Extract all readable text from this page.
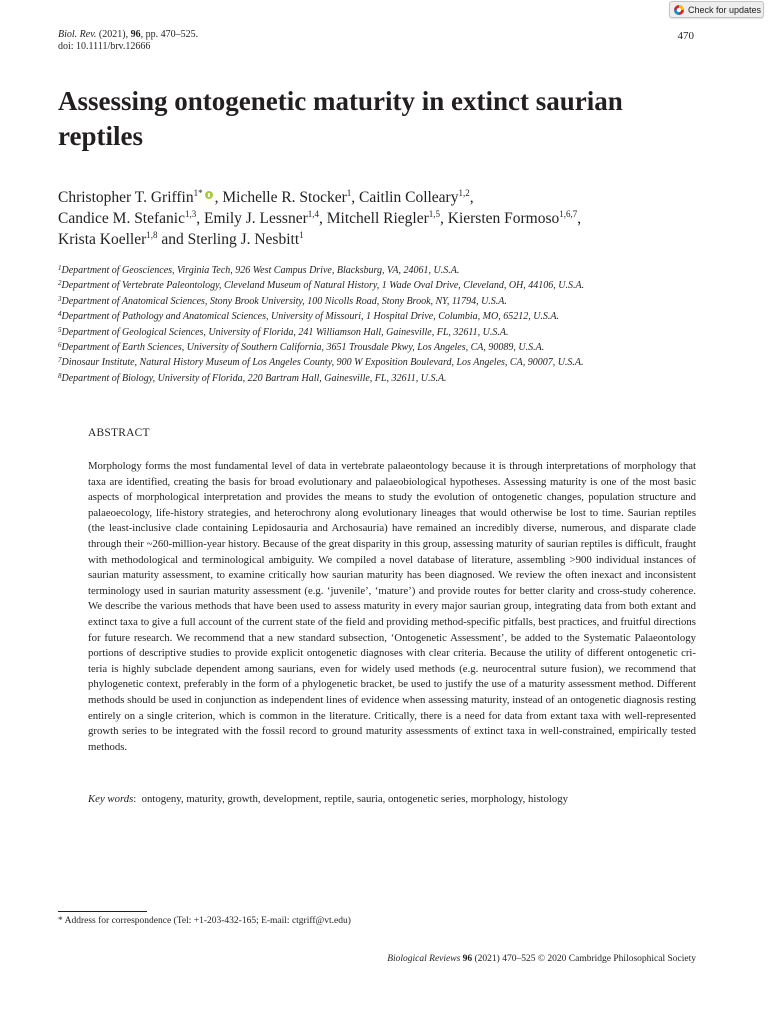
Check for updates
Biol. Rev. (2021), 96, pp. 470–525.
doi: 10.1111/brv.12666
470
Assessing ontogenetic maturity in extinct saurian reptiles
Christopher T. Griffin$^{1*}$ , Michelle R. Stocker$^1$, Caitlin Colleary$^{1,2}$,
Candice M. Stefanic$^{1,3}$, Emily J. Lessner$^{1,4}$, Mitchell Riegler$^{1,5}$, Kiersten Formoso$^{1,6,7}$,
Krista Koeller$^{1,8}$ and Sterling J. Nesbitt$^1$
$^1$Department of Geosciences, Virginia Tech, 926 West Campus Drive, Blacksburg, VA, 24061, U.S.A.
$^2$Department of Vertebrate Paleontology, Cleveland Museum of Natural History, 1 Wade Oval Drive, Cleveland, OH, 44106, U.S.A.
$^3$Department of Anatomical Sciences, Stony Brook University, 100 Nicolls Road, Stony Brook, NY, 11794, U.S.A.
$^4$Department of Pathology and Anatomical Sciences, University of Missouri, 1 Hospital Drive, Columbia, MO, 65212, U.S.A.
$^5$Department of Geological Sciences, University of Florida, 241 Williamson Hall, Gainesville, FL, 32611, U.S.A.
$^6$Department of Earth Sciences, University of Southern California, 3651 Trousdale Pkwy, Los Angeles, CA, 90089, U.S.A.
$^7$Dinosaur Institute, Natural History Museum of Los Angeles County, 900 W Exposition Boulevard, Los Angeles, CA, 90007, U.S.A.
$^8$Department of Biology, University of Florida, 220 Bartram Hall, Gainesville, FL, 32611, U.S.A.
ABSTRACT

Morphology forms the most fundamental level of data in vertebrate palaeontology because it is through interpretations of morphology that taxa are identified, creating the basis for broad evolutionary and palaeobiological hypotheses. Assessing maturity is one of the most basic aspects of morphological interpretation and provides the means to study the evolution of ontogenetic changes, population structure and palaeoecology, life-history strategies, and heterochrony along evolutionary lineages that would otherwise be lost to time. Saurian reptiles (the least-inclusive clade containing Lepidosauria and Archosauria) have remained an incredibly diverse, numerous, and disparate clade through their ~260-million-year history. Because of the great disparity in this group, assessing maturity of saurian reptiles is difficult, fraught with methodological and terminological ambiguity. We compiled a novel database of literature, assembling >900 individual instances of saurian maturity assessment, to examine critically how saurian maturity has been diagnosed. We review the often inexact and inconsistent terminology used in saurian maturity assessment (e.g. ‘juvenile’, ‘mature’) and provide routes for better clarity and cross-study coherence. We describe the various methods that have been used to assess maturity in every major saurian group, integrating data from both extant and extinct taxa to give a full account of the current state of the field and providing method-specific pitfalls, best practices, and fruitful directions for future research. We recommend that a new standard subsection, ‘Ontogenetic Assessment’, be added to the Systematic Palaeontology portions of descriptive studies to provide explicit ontogenetic diagnoses with clear criteria. Because the utility of different ontogenetic criteria is highly subclade dependent among saurians, even for widely used methods (e.g. neurocentral suture fusion), we recommend that phylogenetic context, preferably in the form of a phylogenetic bracket, be used to justify the use of a maturity assessment method. Different methods should be used in conjunction as independent lines of evidence when assessing maturity, instead of an ontogenetic diagnosis resting entirely on a single criterion, which is common in the literature. Critically, there is a need for data from extant taxa with well-represented growth series to be integrated with the fossil record to ground maturity assessments of extinct taxa in well-constrained, empirically tested methods.

Key words: ontogeny, maturity, growth, development, reptile, sauria, ontogenetic series, morphology, histology
* Address for correspondence (Tel: +1-203-432-165; E-mail: ctgriff@vt.edu)
Biological Reviews 96 (2021) 470–525 © 2020 Cambridge Philosophical Society
